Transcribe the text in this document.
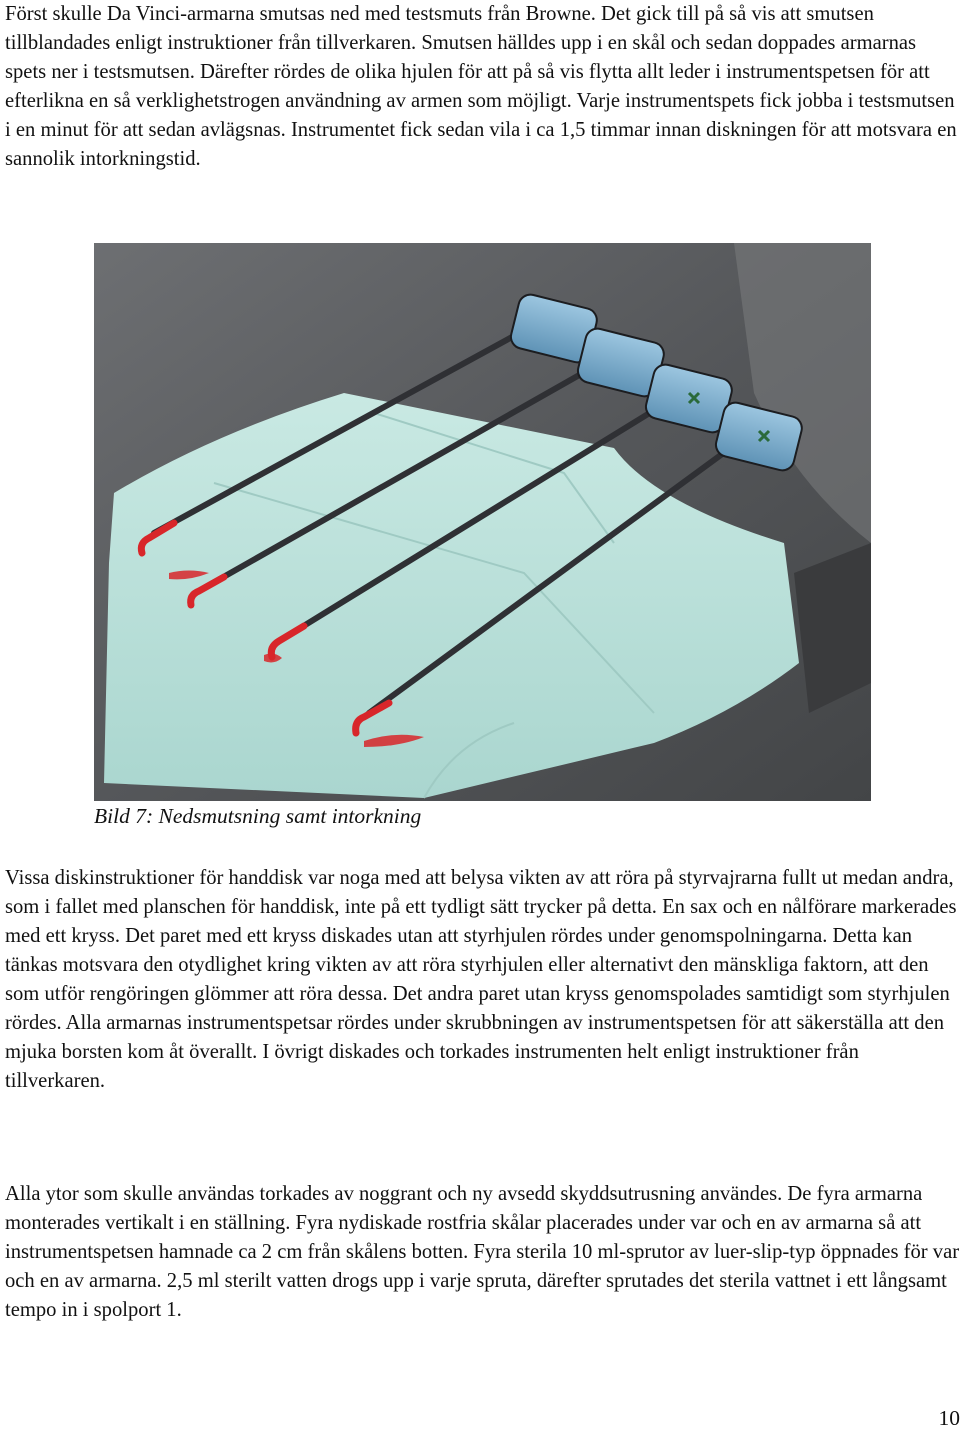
Först skulle Da Vinci-armarna smutsas ned med testsmuts från Browne. Det gick till på så vis att smutsen tillblandades enligt instruktioner från tillverkaren. Smutsen hälldes upp i en skål och sedan doppades armarnas spets ner i testsmutsen. Därefter rördes de olika hjulen för att på så vis flytta allt leder i instrumentspetsen för att efterlikna en så verklighetstrogen användning av armen som möjligt. Varje instrumentspets fick jobba i testsmutsen i en minut för att sedan avlägsnas. Instrumentet fick sedan vila i ca 1,5 timmar innan diskningen för att motsvara en sannolik intorkningstid.

Bild 7: Nedsmutsning samt intorkning

Vissa diskinstruktioner för handdisk var noga med att belysa vikten av att röra på styrvajrarna fullt ut medan andra, som i fallet med planschen för handdisk, inte på ett tydligt sätt trycker på detta. En sax och en nålförare markerades med ett kryss. Det paret med ett kryss diskades utan att styrhjulen rördes under genomspolningarna. Detta kan tänkas motsvara den otydlighet kring vikten av att röra styrhjulen eller alternativt den mänskliga faktorn, att den som utför rengöringen glömmer att röra dessa. Det andra paret utan kryss genomspolades samtidigt som styrhjulen rördes. Alla armarnas instrumentspetsar rördes under skrubbningen av instrumentspetsen för att säkerställa att den mjuka borsten kom åt överallt. I övrigt diskades och torkades instrumenten helt enligt instruktioner från tillverkaren.

Alla ytor som skulle användas torkades av noggrant och ny avsedd skyddsutrusning användes. De fyra armarna monterades vertikalt i en ställning. Fyra nydiskade rostfria skålar placerades under var och en av armarna så att instrumentspetsen hamnade ca 2 cm från skålens botten. Fyra sterila 10 ml-sprutor av luer-slip-typ öppnades för var och en av armarna. 2,5 ml sterilt vatten drogs upp i varje spruta, därefter sprutades det sterila vattnet i ett långsamt tempo in i spolport 1.

10
